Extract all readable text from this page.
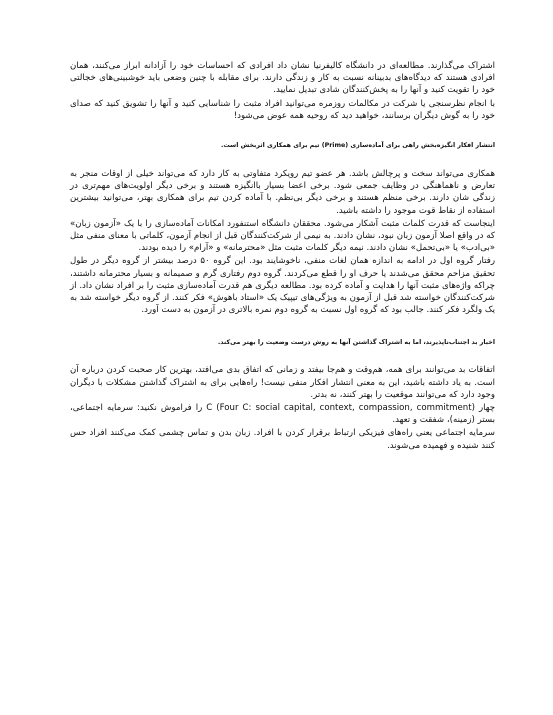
اشتراک می‌گذارند. مطالعه‌ای در دانشگاه کالیفرنیا نشان داد افرادی که احساسات خود را آزادانه ابراز می‌کنند، همان افرادی هستند که دیدگاه‌های بدبینانه نسبت به کار و زندگی دارند. برای مقابله با چنین وضعی باید خوشبینی‌های خجالتی خود را تقویت کنید و آنها را به پخش‌کنندگان شادی تبدیل نمایید.

با انجام نظرسنجی یا شرکت در مکالمات روزمره می‌توانید افراد مثبت را شناسایی کنید و آنها را تشویق کنید که صدای خود را به گوش دیگران برسانند، خواهید دید که روحیه همه عوض می‌شود!

انتشار افکار انگیزه‌بخش راهی برای آماده‌سازی (Prime) تیم برای همکاری اثربخش است.

همکاری می‌تواند سخت و پرچالش باشد. هر عضو تیم رویکرد متفاوتی به کار دارد که می‌تواند خیلی از اوقات منجر به تعارض و ناهماهنگی در وظایف جمعی شود. برخی اعضا بسیار باانگیزه هستند و برخی دیگر اولویت‌های مهم‌تری در زندگی شان دارند. برخی منظم هستند و برخی دیگر بی‌نظم. با آماده کردن تیم برای همکاری بهتر، می‌توانید بیشترین استفاده از نقاط قوت موجود را داشته باشید.

اینجاست که قدرت کلمات مثبت آشکار می‌شود. محققان دانشگاه استنفورد امکانات آماده‌سازی را با یک «آزمون زبان» که در واقع اصلا آزمون زبان نبود، نشان دادند. به نیمی از شرکت‌کنندگان قبل از انجام آزمون، کلماتی با معنای منفی مثل «بی‌ادب» یا «بی‌تحمل» نشان دادند. نیمه دیگر کلمات مثبت مثل «محترمانه» و «آرام» را دیده بودند.

رفتار گروه اول در ادامه به اندازه همان لغات منفی، ناخوشایند بود. این گروه ۵۰ درصد بیشتر از گروه دیگر در طول تحقیق مزاحم محقق می‌شدند یا حرف او را قطع می‌کردند. گروه دوم رفتاری گرم و صمیمانه و بسیار محترمانه داشتند، چراکه واژه‌های مثبت آنها را هدایت و آماده کرده بود. مطالعه دیگری هم قدرت آماده‌سازی مثبت را بر افراد نشان داد. از شرکت‌کنندگان خواسته شد قبل از آزمون به ویژگی‌های تیپیک یک «استاد باهوش» فکر کنند. از گروه دیگر خواسته شد به یک ولگرد فکر کنند. جالب بود که گروه اول نسبت به گروه دوم نمره بالاتری در آزمون به دست آورد.

اخبار بد اجتناب‌ناپذیرند، اما به اشتراک گذاشتن آنها به روش درست وضعیت را بهتر می‌کند.

اتفاقات بد می‌توانند برای همه، هم‌وقت و هم‌جا بیفتد و زمانی که اتفاق بدی می‌افتد، بهترین کار صحبت کردن درباره آن است. به یاد داشته باشید، این به معنی انتشار افکار منفی نیست! راه‌هایی برای به اشتراک گذاشتن مشکلات با دیگران وجود دارد که می‌توانند موقعیت را بهتر کنند، نه بدتر.

چهار C (Four C: social capital, context, compassion, commitment) را فراموش نکنید: سرمایه اجتماعی، بستر (زمینه)، شفقت و تعهد.

سرمایه اجتماعی یعنی راه‌های فیزیکی ارتباط برقرار کردن با افراد. زبان بدن و تماس چشمی کمک می‌کنند افراد حس کنند شنیده و فهمیده می‌شوند.
